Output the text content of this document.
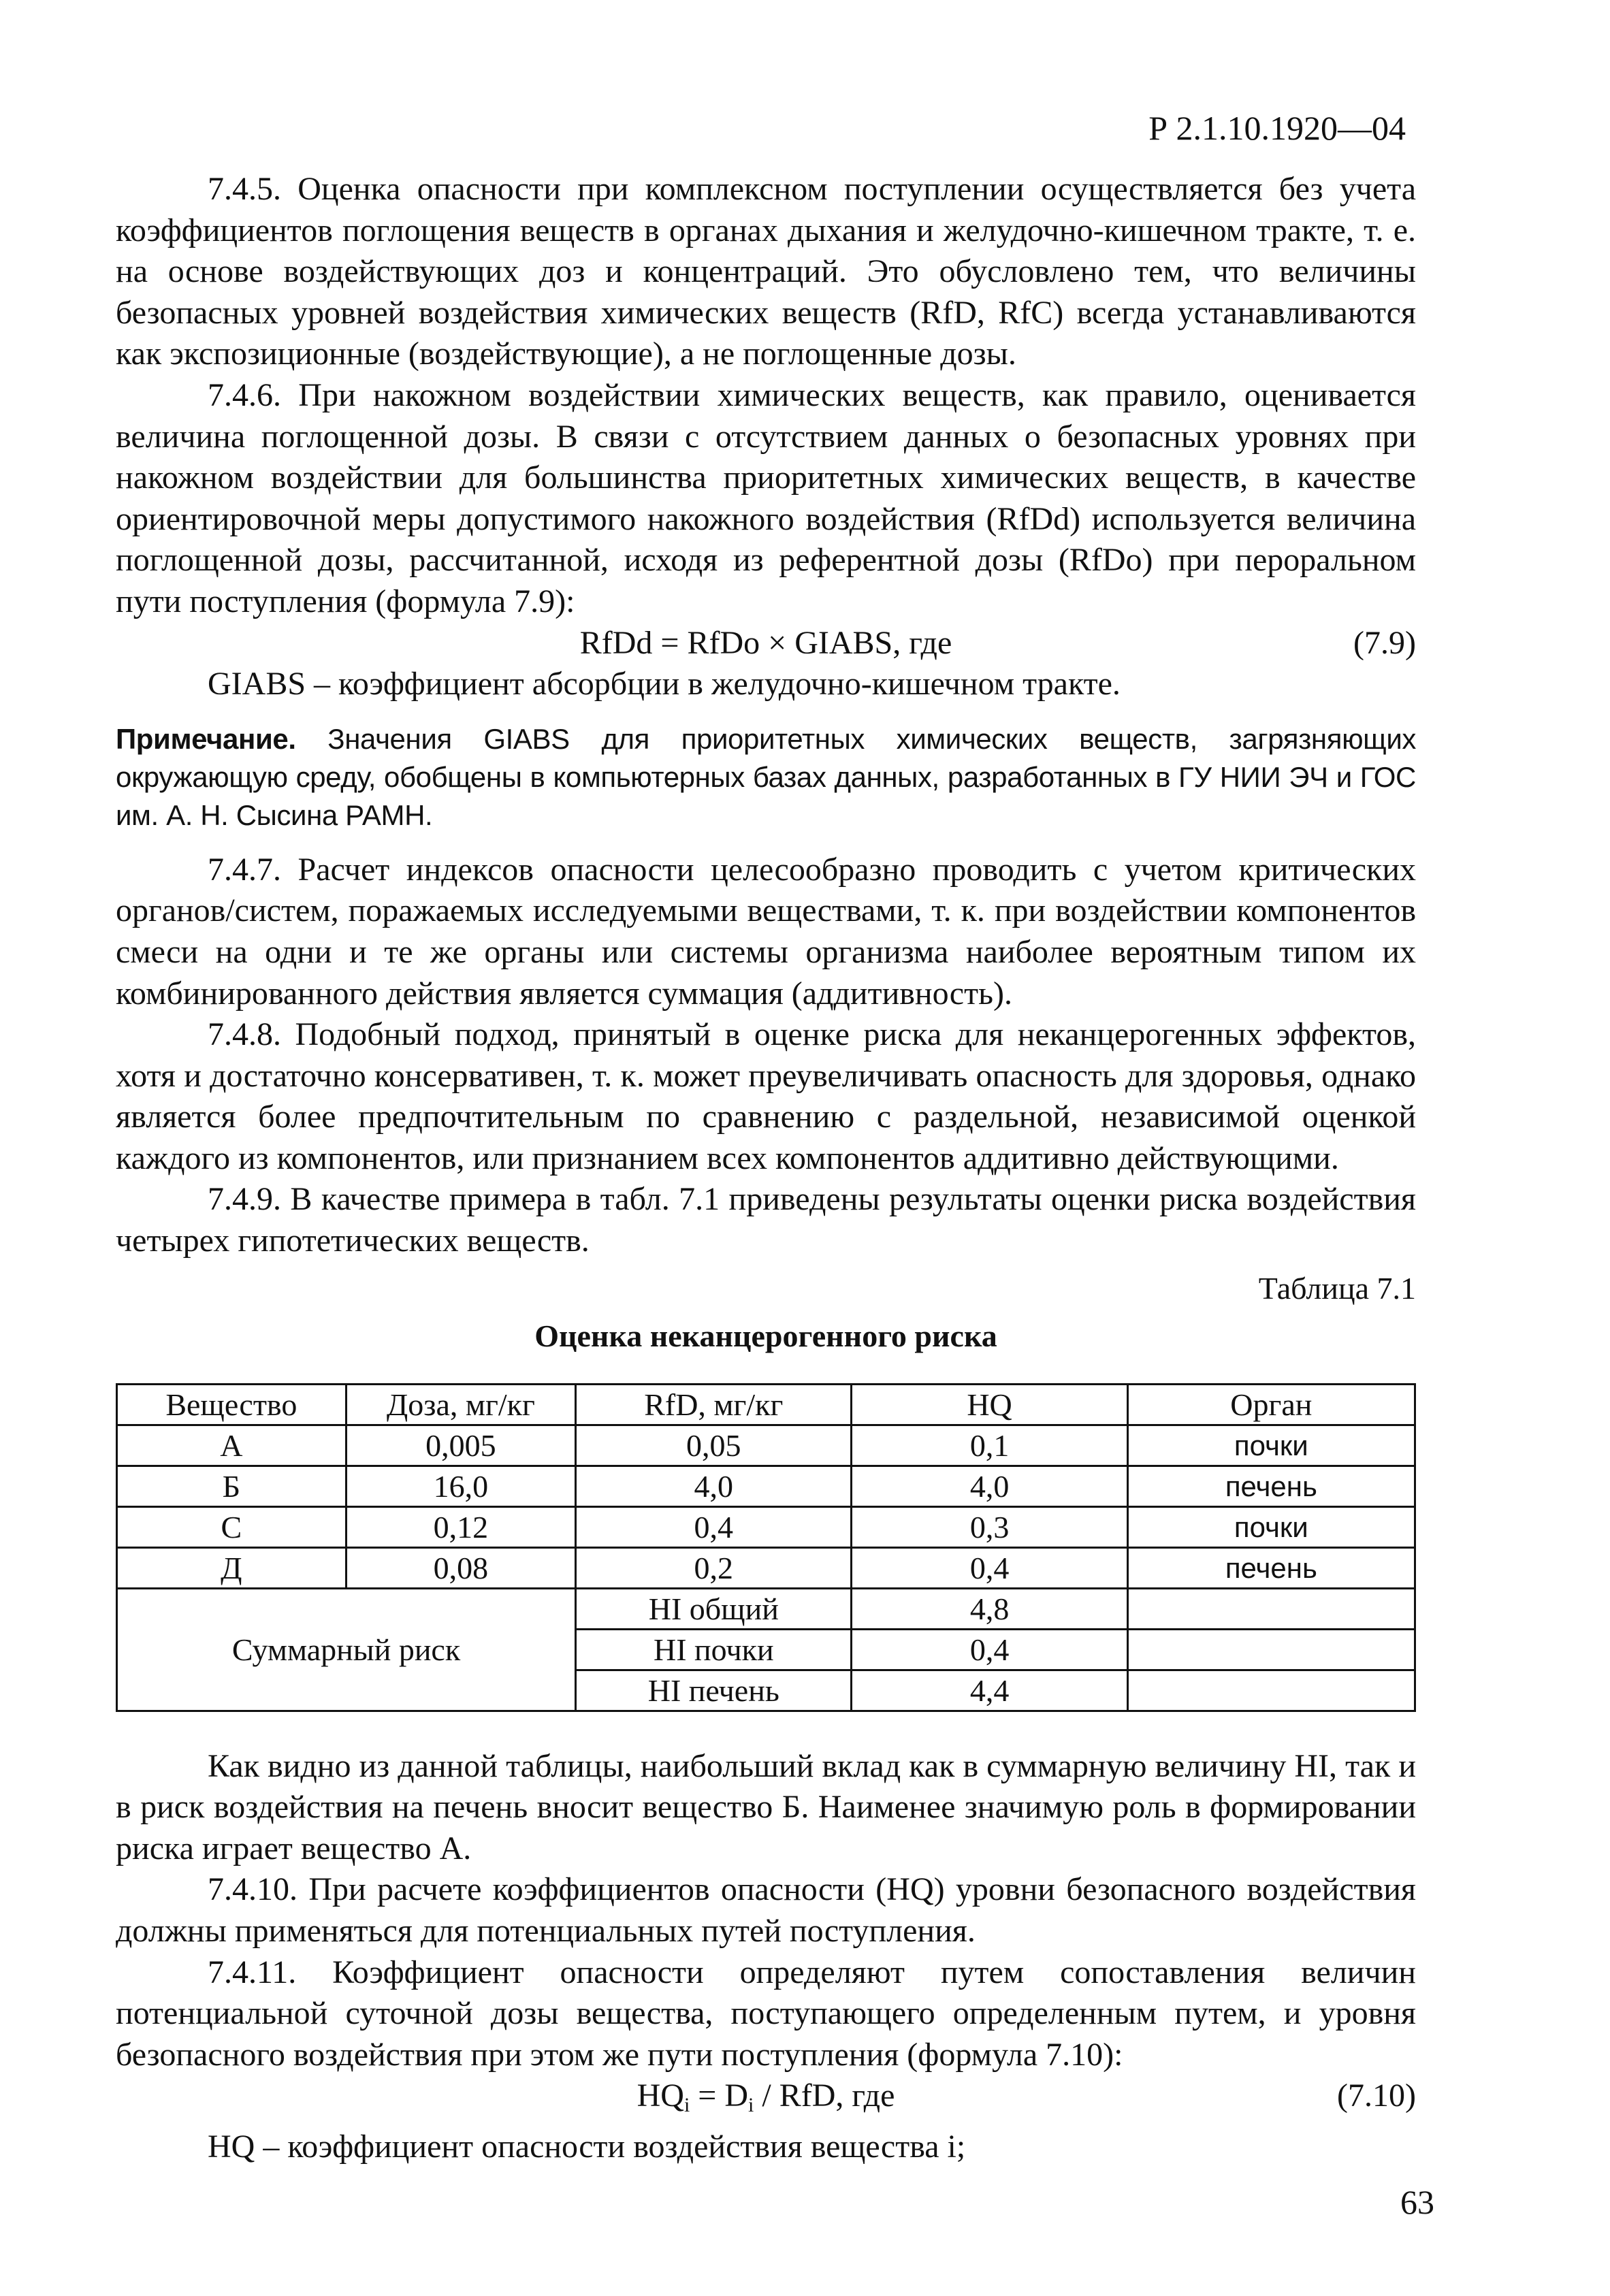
Р 2.1.10.1920—04

7.4.5. Оценка опасности при комплексном поступлении осуществляется без учета коэффициентов поглощения веществ в органах дыхания и желудочно-кишечном тракте, т. е. на основе воздействующих доз и концентраций. Это обусловлено тем, что величины безопасных уровней воздействия химических веществ (RfD, RfC) всегда устанавливаются как экспозиционные (воздействующие), а не поглощенные дозы.

7.4.6. При накожном воздействии химических веществ, как правило, оценивается величина поглощенной дозы. В связи с отсутствием данных о безопасных уровнях при накожном воздействии для большинства приоритетных химических веществ, в качестве ориентировочной меры допустимого накожного воздействия (RfDd) используется величина поглощенной дозы, рассчитанной, исходя из референтной дозы (RfDo) при пероральном пути поступления (формула 7.9):

RfDd = RfDo × GIABS, где	(7.9)

GIABS – коэффициент абсорбции в желудочно-кишечном тракте.

Примечание. Значения GIABS для приоритетных химических веществ, загрязняющих окружающую среду, обобщены в компьютерных базах данных, разработанных в ГУ НИИ ЭЧ и ГОС им. А. Н. Сысина РАМН.

7.4.7. Расчет индексов опасности целесообразно проводить с учетом критических органов/систем, поражаемых исследуемыми веществами, т. к. при воздействии компонентов смеси на одни и те же органы или системы организма наиболее вероятным типом их комбинированного действия является суммация (аддитивность).

7.4.8. Подобный подход, принятый в оценке риска для неканцерогенных эффектов, хотя и достаточно консервативен, т. к. может преувеличивать опасность для здоровья, однако является более предпочтительным по сравнению с раздельной, независимой оценкой каждого из компонентов, или признанием всех компонентов аддитивно действующими.

7.4.9. В качестве примера в табл. 7.1 приведены результаты оценки риска воздействия четырех гипотетических веществ.

Таблица 7.1
Оценка неканцерогенного риска
Вещество	Доза, мг/кг	RfD, мг/кг	HQ	Орган
А	0,005	0,05	0,1	почки
Б	16,0	4,0	4,0	печень
С	0,12	0,4	0,3	почки
Д	0,08	0,2	0,4	печень
Суммарный риск		HI общий	4,8	
		HI почки	0,4	
		HI печень	4,4	

Как видно из данной таблицы, наибольший вклад как в суммарную величину HI, так и в риск воздействия на печень вносит вещество Б. Наименее значимую роль в формировании риска играет вещество А.

7.4.10. При расчете коэффициентов опасности (HQ) уровни безопасного воздействия должны применяться для потенциальных путей поступления.

7.4.11. Коэффициент опасности определяют путем сопоставления величин потенциальной суточной дозы вещества, поступающего определенным путем, и уровня безопасного воздействия при этом же пути поступления (формула 7.10):

$HQ_i = D_i$ / RfD, где	(7.10)

HQ – коэффициент опасности воздействия вещества i;

63
